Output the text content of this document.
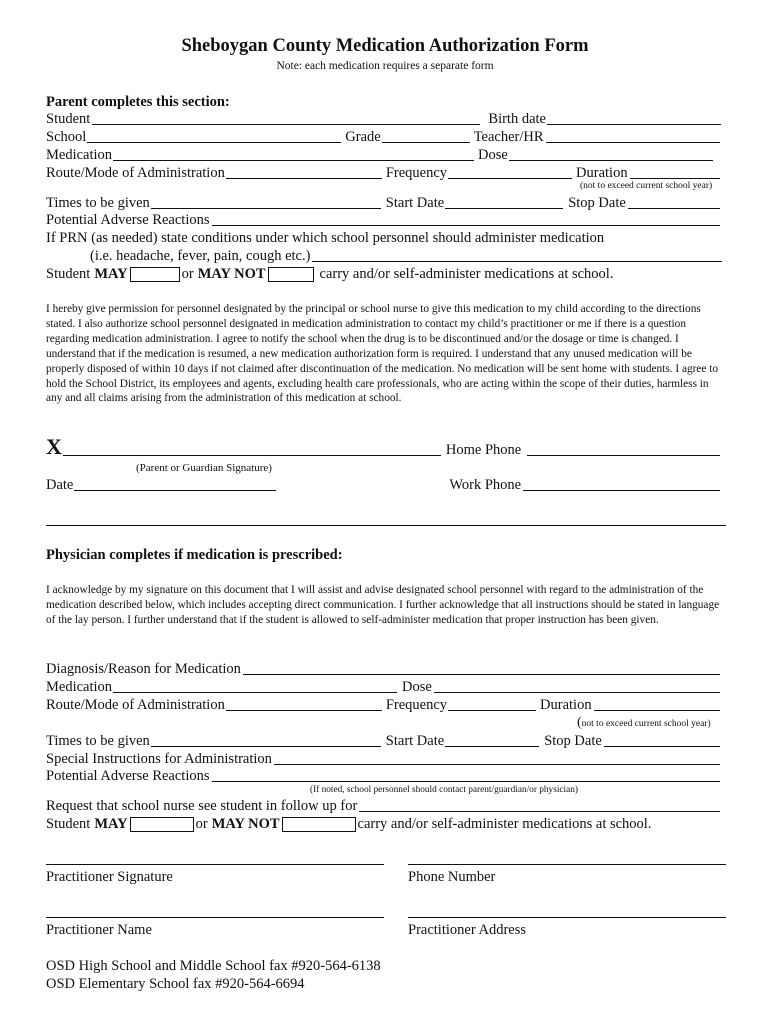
Sheboygan County Medication Authorization Form
Note: each medication requires a separate form
Parent completes this section:
Student	Birth date
School	Grade	Teacher/HR
Medication	Dose
Route/Mode of Administration	Frequency	Duration
(not to exceed current school year)
Times to be given	Start Date	Stop Date
Potential Adverse Reactions
If PRN (as needed) state conditions under which school personnel should administer medication
(i.e. headache, fever, pain, cough etc.)
Student MAY	or MAY NOT	carry and/or self-administer medications at school.
I hereby give permission for personnel designated by the principal or school nurse to give this medication to my child according to the directions stated. I also authorize school personnel designated in medication administration to contact my child’s practitioner or me if there is a question regarding medication administration. I agree to notify the school when the drug is to be discontinued and/or the dosage or time is changed. I understand that if the medication is resumed, a new medication authorization form is required. I understand that any unused medication will be properly disposed of within 10 days if not claimed after discontinuation of the medication. No medication will be sent home with students. I agree to hold the School District, its employees and agents, excluding health care professionals, who are acting within the scope of their duties, harmless in any and all claims arising from the administration of this medication at school.
X	Home Phone
(Parent or Guardian Signature)
Date	Work Phone
Physician completes if medication is prescribed:
I acknowledge by my signature on this document that I will assist and advise designated school personnel with regard to the administration of the medication described below, which includes accepting direct communication. I further acknowledge that all instructions should be stated in language of the lay person. I further understand that if the student is allowed to self-administer medication that proper instruction has been given.
Diagnosis/Reason for Medication
Medication	Dose
Route/Mode of Administration	Frequency	Duration
(not to exceed current school year)
Times to be given	Start Date	Stop Date
Special Instructions for Administration
Potential Adverse Reactions
(If noted, school personnel should contact parent/guardian/or physician)
Request that school nurse see student in follow up for
Student MAY	or MAY NOT	carry and/or self-administer medications at school.
Practitioner Signature	Phone Number
Practitioner Name	Practitioner Address
OSD High School and Middle School fax #920-564-6138
OSD Elementary School fax #920-564-6694
